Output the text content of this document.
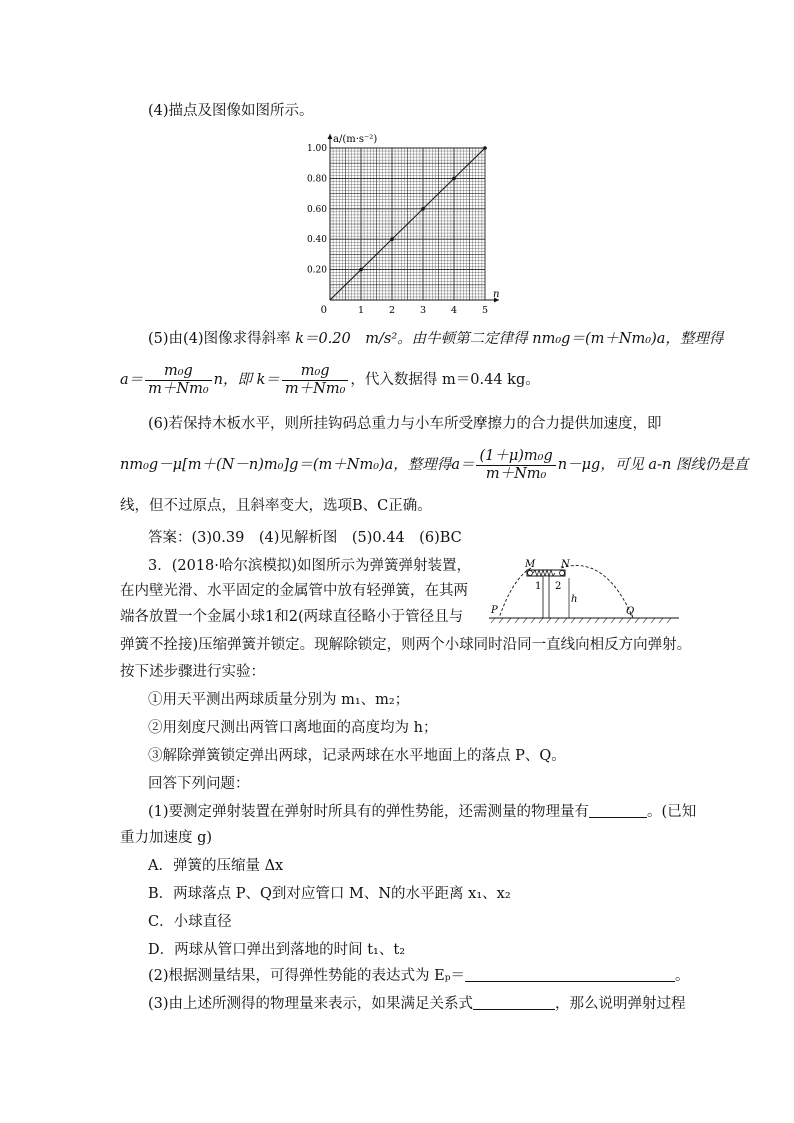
(4)描点及图像如图所示。
1	2	3	4	5
0.20
0.40
0.60
0.80
1.00
a/(m·s⁻²)
n
0
(5)由(4)图像求得斜率 k＝0.20　m/s²。由牛顿第二定律得 nm₀g＝(m＋Nm₀)a，整理得
$a= \frac{\text{m₀g}}{\text{m＋Nm₀}}$ n，即 $k= \frac{\text{m₀g}}{\text{m＋Nm₀}}$ ，代入数据得 m＝0.44 kg。
(6)若保持木板水平，则所挂钩码总重力与小车所受摩擦力的合力提供加速度，即
nm₀g－μ[m＋(N－n)m₀]g＝(m＋Nm₀)a，整理得$a= \frac{\text{(1＋μ)m₀g}}{\text{m＋Nm₀}} n-\mu g$，可见 a-n 图线仍是直
线，但不过原点，且斜率变大，选项B、C正确。
答案：(3)0.39　(4)见解析图　(5)0.44　(6)BC
3．(2018·哈尔滨模拟)如图所示为弹簧弹射装置，
在内壁光滑、水平固定的金属管中放有轻弹簧，在其两
端各放置一个金属小球1和2(两球直径略小于管径且与
弹簧不拴接)压缩弹簧并锁定。现解除锁定，则两个小球同时沿同一直线向相反方向弹射。
按下述步骤进行实验：
①用天平测出两球质量分别为 m₁、m₂；
②用刻度尺测出两管口离地面的高度均为 h；
③解除弹簧锁定弹出两球，记录两球在水平地面上的落点 P、Q。
回答下列问题：
(1)要测定弹射装置在弹射时所具有的弹性势能，还需测量的物理量有	。(已知
重力加速度 g)
A．弹簧的压缩量 Δx
B．两球落点 P、Q到对应管口 M、N的水平距离 x₁、x₂
C．小球直径
D．两球从管口弹出到落地的时间 t₁、t₂
(2)根据测量结果，可得弹性势能的表达式为 Eₚ＝	。
(3)由上述所测得的物理量来表示，如果满足关系式	，那么说明弹射过程
M	N
1 2
h
P	Q
